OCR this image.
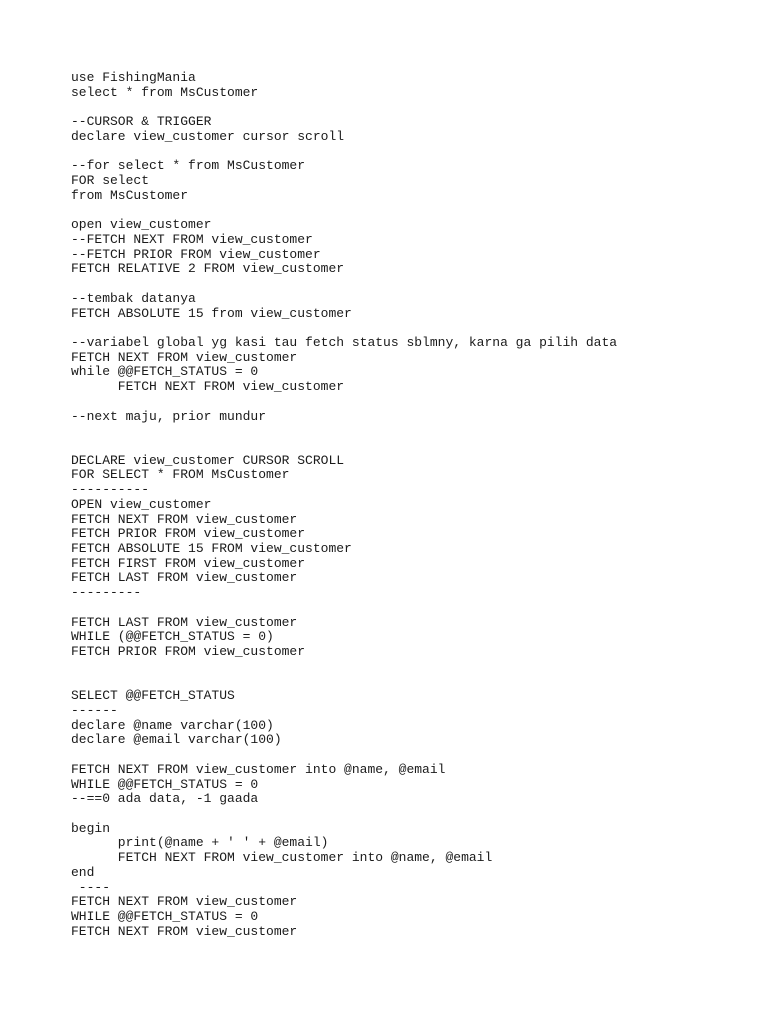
use FishingMania
select * from MsCustomer
--CURSOR & TRIGGER
declare view_customer cursor scroll
--for select * from MsCustomer
FOR select
from MsCustomer
open view_customer
--FETCH NEXT FROM view_customer
--FETCH PRIOR FROM view_customer
FETCH RELATIVE 2 FROM view_customer
--tembak datanya
FETCH ABSOLUTE 15 from view_customer
--variabel global yg kasi tau fetch status sblmny, karna ga pilih data
FETCH NEXT FROM view_customer
while @@FETCH_STATUS = 0
FETCH NEXT FROM view_customer
--next maju, prior mundur
DECLARE view_customer CURSOR SCROLL
FOR SELECT * FROM MsCustomer
----------
OPEN view_customer
FETCH NEXT FROM view_customer
FETCH PRIOR FROM view_customer
FETCH ABSOLUTE 15 FROM view_customer
FETCH FIRST FROM view_customer
FETCH LAST FROM view_customer
---------
FETCH LAST FROM view_customer
WHILE (@@FETCH_STATUS = 0)
FETCH PRIOR FROM view_customer
SELECT @@FETCH_STATUS
------
declare @name varchar(100)
declare @email varchar(100)
FETCH NEXT FROM view_customer into @name, @email
WHILE @@FETCH_STATUS = 0
--==0 ada data, -1 gaada
begin
print(@name + ' ' + @email)
FETCH NEXT FROM view_customer into @name, @email
end
----
FETCH NEXT FROM view_customer
WHILE @@FETCH_STATUS = 0
FETCH NEXT FROM view_customer
